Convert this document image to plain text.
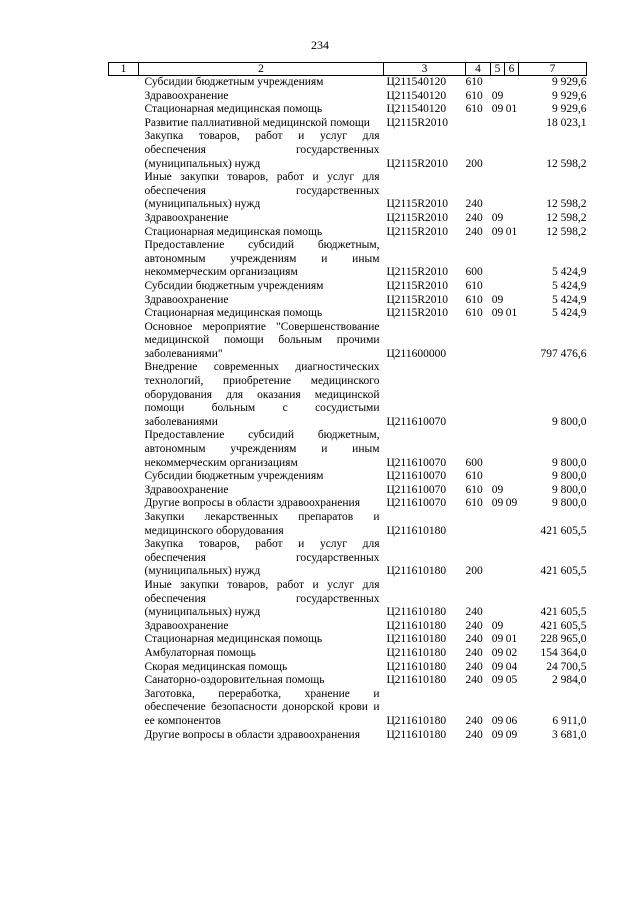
234
1	2	3	4	5	6	7
	Субсидии бюджетным учреждениям	Ц211540120	610			9 929,6
	Здравоохранение	Ц211540120	610	09		9 929,6
	Стационарная медицинская помощь	Ц211540120	610	09	01	9 929,6
	Развитие паллиативной медицинской помощи	Ц2115R2010				18 023,1
	Закупка товаров, работ и услуг для обеспечения государственных (муниципальных) нужд	Ц2115R2010	200			12 598,2
	Иные закупки товаров, работ и услуг для обеспечения государственных (муниципальных) нужд	Ц2115R2010	240			12 598,2
	Здравоохранение	Ц2115R2010	240	09		12 598,2
	Стационарная медицинская помощь	Ц2115R2010	240	09	01	12 598,2
	Предоставление субсидий бюджетным, автономным учреждениям и иным некоммерческим организациям	Ц2115R2010	600			5 424,9
	Субсидии бюджетным учреждениям	Ц2115R2010	610			5 424,9
	Здравоохранение	Ц2115R2010	610	09		5 424,9
	Стационарная медицинская помощь	Ц2115R2010	610	09	01	5 424,9
	Основное мероприятие "Совершенствование медицинской помощи больным прочими заболеваниями"	Ц211600000				797 476,6
	Внедрение современных диагностических технологий, приобретение медицинского оборудования для оказания медицинской помощи больным с сосудистыми заболеваниями	Ц211610070				9 800,0
	Предоставление субсидий бюджетным, автономным учреждениям и иным некоммерческим организациям	Ц211610070	600			9 800,0
	Субсидии бюджетным учреждениям	Ц211610070	610			9 800,0
	Здравоохранение	Ц211610070	610	09		9 800,0
	Другие вопросы в области здравоохранения	Ц211610070	610	09	09	9 800,0
	Закупки лекарственных препаратов и медицинского оборудования	Ц211610180				421 605,5
	Закупка товаров, работ и услуг для обеспечения государственных (муниципальных) нужд	Ц211610180	200			421 605,5
	Иные закупки товаров, работ и услуг для обеспечения государственных (муниципальных) нужд	Ц211610180	240			421 605,5
	Здравоохранение	Ц211610180	240	09		421 605,5
	Стационарная медицинская помощь	Ц211610180	240	09	01	228 965,0
	Амбулаторная помощь	Ц211610180	240	09	02	154 364,0
	Скорая медицинская помощь	Ц211610180	240	09	04	24 700,5
	Санаторно-оздоровительная помощь	Ц211610180	240	09	05	2 984,0
	Заготовка, переработка, хранение и обеспечение безопасности донорской крови и ее компонентов	Ц211610180	240	09	06	6 911,0
	Другие вопросы в области здравоохранения	Ц211610180	240	09	09	3 681,0
